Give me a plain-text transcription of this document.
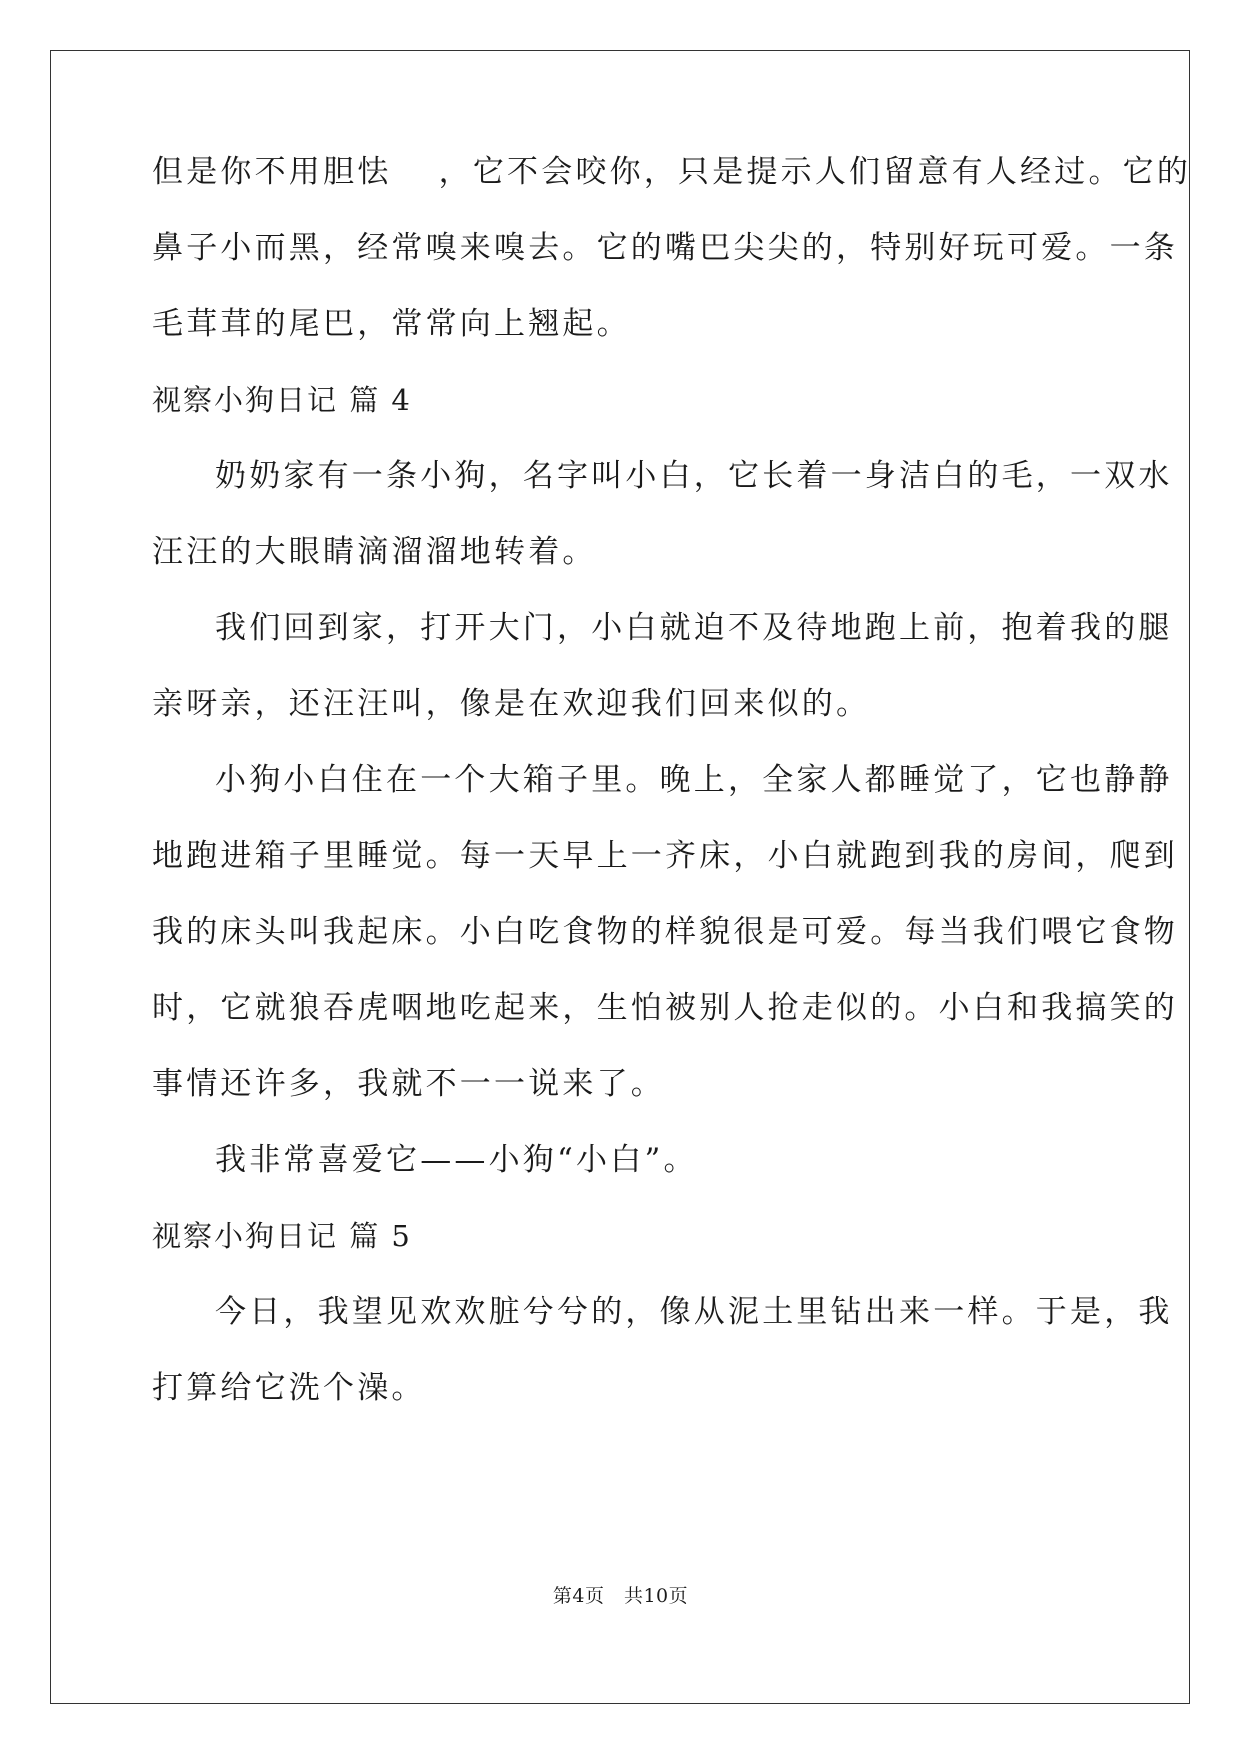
但是你不用胆怯　 ，它不会咬你，只是提示人们留意有人经过。它的
鼻子小而黑，经常嗅来嗅去。它的嘴巴尖尖的，特别好玩可爱。一条
毛茸茸的尾巴，常常向上翘起。
视察小狗日记 篇 4
奶奶家有一条小狗，名字叫小白，它长着一身洁白的毛，一双水
汪汪的大眼睛滴溜溜地转着。
我们回到家，打开大门，小白就迫不及待地跑上前，抱着我的腿
亲呀亲，还汪汪叫，像是在欢迎我们回来似的。
小狗小白住在一个大箱子里。晚上，全家人都睡觉了，它也静静
地跑进箱子里睡觉。每一天早上一齐床，小白就跑到我的房间，爬到
我的床头叫我起床。小白吃食物的样貌很是可爱。每当我们喂它食物
时，它就狼吞虎咽地吃起来，生怕被别人抢走似的。小白和我搞笑的
事情还许多，我就不一一说来了。
我非常喜爱它——小狗“小白”。
视察小狗日记 篇 5
今日，我望见欢欢脏兮兮的，像从泥土里钻出来一样。于是，我
打算给它洗个澡。
第4页　共10页
